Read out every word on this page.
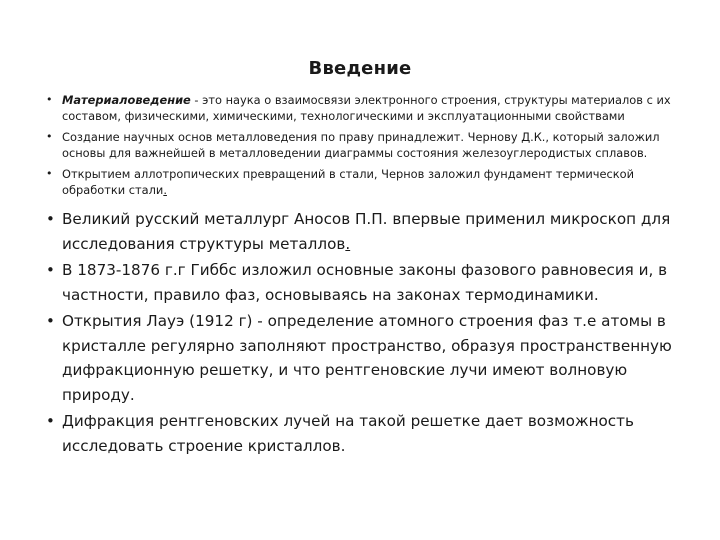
Введение
• Материаловедение - это наука о взаимосвязи электронного строения, структуры материалов с их составом, физическими, химическими, технологическими и эксплуатационными свойствами
• Создание научных основ металловедения по праву принадлежит. Чернову Д.К., который заложил основы для важнейшей в металловедении диаграммы состояния железоуглеродистых сплавов.
• Открытием аллотропических превращений в стали, Чернов заложил фундамент термической обработки стали.
• Великий русский металлург Аносов П.П. впервые применил микроскоп для исследования структуры металлов.
• В 1873-1876 г.г Гиббс изложил основные законы фазового равновесия и, в частности, правило фаз, основываясь на законах термодинамики.
• Открытия Лауэ (1912 г) - определение атомного строения фаз т.е атомы в кристалле регулярно заполняют пространство, образуя пространственную дифракционную решетку, и что рентгеновские лучи имеют волновую природу.
• Дифракция рентгеновских лучей на такой решетке дает возможность исследовать строение кристаллов.
